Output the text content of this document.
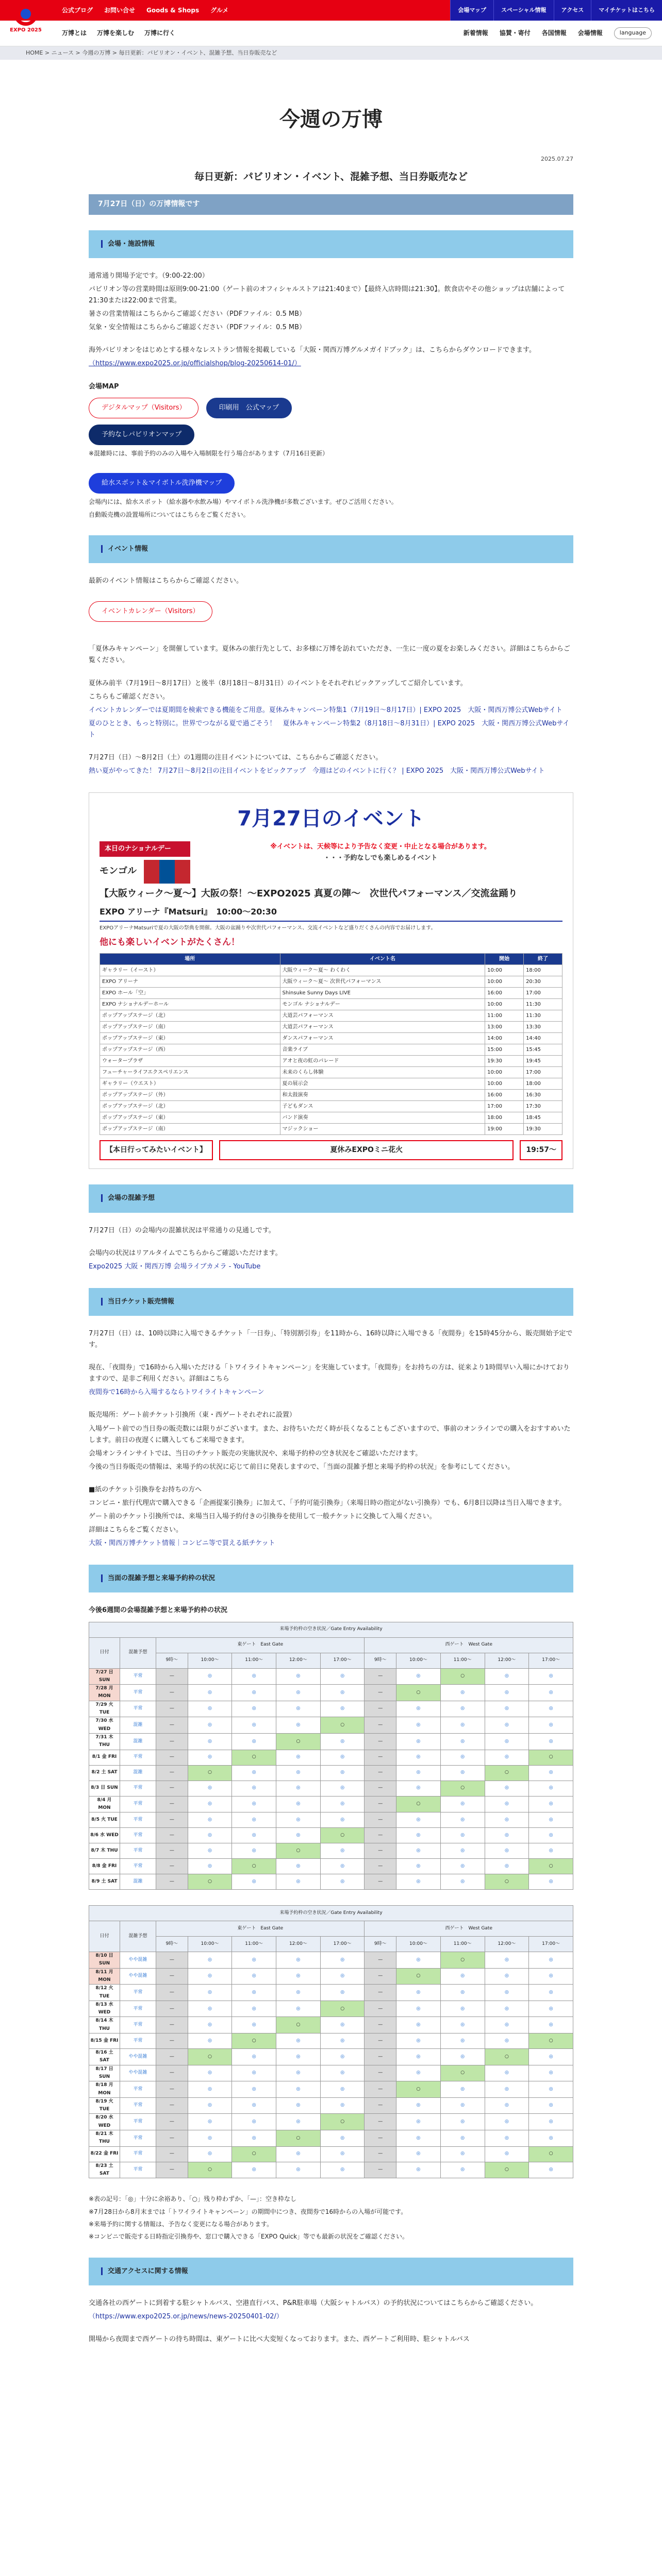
公式ブログ お問い合せ Goods & Shops グルメ	会場マップ	スペーシャル情報	アクセス	マイチケットはこちら
EXPO 2025	万博とは 万博を楽しむ 万博に行く	新着情報 協賛・寄付 各国情報 会場情報	language
HOME > ニュース > 今週の万博 > 毎日更新：パビリオン・イベント、混雑予想、当日券販売など
今週の万博
2025.07.27
毎日更新：パビリオン・イベント、混雑予想、当日券販売など
7月27日（日）の万博情報です
会場・施設情報

通常通り開場予定です。（9:00-22:00）

パビリオン等の営業時間は原則9:00-21:00（ゲート前のオフィシャルストアは21:40まで）【最終入店時間は21:30】。飲食店やその他ショップは店舗によって21:30または22:00まで営業。

暑さの営業情報はこちらからご確認ください（PDFファイル：0.5 MB）

気象・安全情報はこちらからご確認ください（PDFファイル：0.5 MB）

海外パビリオンをはじめとする様々なレストラン情報を掲載している「大阪・関西万博グルメガイドブック」は、こちらからダウンロードできます。

（https://www.expo2025.or.jp/officialshop/blog-20250614-01/）

会場MAP

デジタルマップ（Visitors）	印刷用　公式マップ
予約なしパビリオンマップ

※混雑時には、事前予約のみの入場や入場制限を行う場合があります（7月16日更新）

給水スポット＆マイボトル洗浄機マップ

会場内には、給水スポット（給水器や水飲み場）やマイボトル洗浄機が多数ございます。ぜひご活用ください。

自動販売機の設置場所についてはこちらをご覧ください。

イベント情報

最新のイベント情報はこちらからご確認ください。

イベントカレンダー（Visitors）

「夏休みキャンペーン」を開催しています。夏休みの旅行先として、お多様に万博を訪れていただき、一生に一度の夏をお楽しみください。詳細はこちらからご覧ください。

夏休み前半（7月19日〜8月17日）と後半（8月18日〜8月31日）のイベントをそれぞれピックアップしてご紹介しています。

こちらもご確認ください。

イベントカレンダーでは夏期間を検索できる機能をご用意。夏休みキャンペーン特集1（7月19日〜8月17日）| EXPO 2025　大阪・関西万博公式Webサイト

夏のひととき、もっと特別に。世界でつながる夏で過ごそう！　夏休みキャンペーン特集2（8月18日〜8月31日）| EXPO 2025　大阪・関西万博公式Webサイト

7月27日（日）〜8月2日（土）の1週間の注目イベントについては、こちらからご確認ください。

熱い夏がやってきた！ 7月27日〜8月2日の注目イベントをピックアップ　今週はどのイベントに行く？ | EXPO 2025　大阪・関西万博公式Webサイト

7月27日のイベント
本日のナショナルデー
モンゴル
※イベントは、天候等により予告なく変更・中止となる場合があります。
・・・予約なしでも楽しめるイベント
【大阪ウィーク〜夏〜】大阪の祭！〜EXPO2025 真夏の陣〜　次世代パフォーマンス／交流盆踊り
EXPO アリーナ『Matsuri』　 10:00〜20:30
EXPOアリーナMatsuriで夏の大阪の祭典を開催。大阪の盆踊りや次世代パフォーマンス、交流イベントなど盛りだくさんの内容でお届けします。
他にも楽しいイベントがたくさん！
場所	イベント名	開始	終了
ギャラリー（イースト）	大阪ウィーク〜夏〜 わくわく	10:00	18:00
EXPO アリーナ	大阪ウィーク〜夏〜 次世代パフォーマンス	10:00	20:30
EXPO ホール「空」	Shinsuke Sunny Days LIVE	16:00	17:00
EXPO ナショナルデーホール	モンゴル ナショナルデー	10:00	11:30
ポップアップステージ（北）	大道芸パフォーマンス	11:00	11:30
ポップアップステージ（南）	大道芸パフォーマンス	13:00	13:30
ポップアップステージ（東）	ダンスパフォーマンス	14:00	14:40
ポップアップステージ（西）	音楽ライブ	15:00	15:45
ウォータープラザ	アオと夜の虹のパレード	19:30	19:45
フューチャーライフエクスペリエンス	未来のくらし体験	10:00	17:00
ギャラリー（ウエスト）	夏の展示会	10:00	18:00
ポップアップステージ（外）	和太鼓演奏	16:00	16:30
ポップアップステージ（北）	子どもダンス	17:00	17:30
ポップアップステージ（東）	バンド演奏	18:00	18:45
ポップアップステージ（南）	マジックショー	19:00	19:30
【本日行ってみたいイベント】	夏休みEXPOミニ花火	19:57〜
会場の混雑予想

7月27日（日）の会場内の混雑状況は平常通りの見通しです。

会場内の状況はリアルタイムでこちらからご確認いただけます。

Expo2025 大阪・関西万博 会場ライブカメラ - YouTube

当日チケット販売情報

7月27日（日）は、10時以降に入場できるチケット「一日券」、「特別割引券」を11時から、16時以降に入場できる「夜間券」を15時45分から、販売開始予定です。

現在、「夜間券」で16時から入場いただける「トワイライトキャンペーン」を実施しています。「夜間券」をお持ちの方は、従来より1時間早い入場にかけておりますので、是非ご利用ください。詳細はこちら

夜間券で16時から入場するならトワイライトキャンペーン

販売場所：ゲート前チケット引換所（東・西ゲートそれぞれに設置）

入場ゲート前での当日券の販売数には限りがございます。また、お待ちいただく時が長くなることもございますので、事前のオンラインでの購入をおすすめいたします。前日の夜遅くに購入してもご来場できます。

会場オンラインサイトでは、当日のチケット販売の実施状況や、来場予約枠の空き状況をご確認いただけます。

今後の当日券販売の情報は、来場予約の状況に応じて前日に発表しますので、「当面の混雑予想と来場予約枠の状況」を参考にしてください。

■紙のチケット引換券をお持ちの方へ

コンビニ・旅行代理店で購入できる「企画提案引換券」に加えて、「予約可能引換券」（来場日時の指定がない引換券）でも、6月8日以降は当日入場できます。

ゲート前のチケット引換所では、来場当日入場予約付きの引換券を使用して一般チケットに交換して入場ください。

詳細はこちらをご覧ください。

大阪・関西万博チケット情報｜コンビニ等で買える紙チケット

当面の混雑予想と来場予約枠の状況

今後6週間の会場混雑予想と来場予約枠の状況

来場予約枠の空き状況／Gate Entry Availability											
日付	混雑予想	東ゲート　East Gate					西ゲート　West Gate				
		9時〜	10:00〜	11:00〜	12:00〜	17:00〜	9時〜	10:00〜	11:00〜	12:00〜	17:00〜
7/27 日 SUN	平常	—	◎	◎	◎	◎	—	◎	○	◎	◎
7/28 月 MON	平常	—	◎	◎	◎	◎	—	○	◎	◎	◎
7/29 火 TUE	平常	—	◎	◎	◎	◎	—	◎	◎	◎	◎
7/30 水 WED	混雑	—	◎	◎	◎	○	—	◎	◎	◎	◎
7/31 木 THU	混雑	—	◎	◎	○	◎	—	◎	◎	◎	◎
8/1 金 FRI	平常	—	◎	○	◎	◎	—	◎	◎	◎	○
8/2 土 SAT	混雑	—	○	◎	◎	◎	—	◎	◎	○	◎
8/3 日 SUN	平常	—	◎	◎	◎	◎	—	◎	○	◎	◎
8/4 月 MON	平常	—	◎	◎	◎	◎	—	○	◎	◎	◎
8/5 火 TUE	平常	—	◎	◎	◎	◎	—	◎	◎	◎	◎
8/6 水 WED	平常	—	◎	◎	◎	○	—	◎	◎	◎	◎
8/7 木 THU	平常	—	◎	◎	○	◎	—	◎	◎	◎	◎
8/8 金 FRI	平常	—	◎	○	◎	◎	—	◎	◎	◎	○
8/9 土 SAT	混雑	—	○	◎	◎	◎	—	◎	◎	○	◎
来場予約枠の空き状況／Gate Entry Availability											
日付	混雑予想	東ゲート　East Gate					西ゲート　West Gate				
		9時〜	10:00〜	11:00〜	12:00〜	17:00〜	9時〜	10:00〜	11:00〜	12:00〜	17:00〜
8/10 日 SUN	やや混雑	—	◎	◎	◎	◎	—	◎	○	◎	◎
8/11 月 MON	やや混雑	—	◎	◎	◎	◎	—	○	◎	◎	◎
8/12 火 TUE	平常	—	◎	◎	◎	◎	—	◎	◎	◎	◎
8/13 水 WED	平常	—	◎	◎	◎	○	—	◎	◎	◎	◎
8/14 木 THU	平常	—	◎	◎	○	◎	—	◎	◎	◎	◎
8/15 金 FRI	平常	—	◎	○	◎	◎	—	◎	◎	◎	○
8/16 土 SAT	やや混雑	—	○	◎	◎	◎	—	◎	◎	○	◎
8/17 日 SUN	やや混雑	—	◎	◎	◎	◎	—	◎	○	◎	◎
8/18 月 MON	平常	—	◎	◎	◎	◎	—	○	◎	◎	◎
8/19 火 TUE	平常	—	◎	◎	◎	◎	—	◎	◎	◎	◎
8/20 水 WED	平常	—	◎	◎	◎	○	—	◎	◎	◎	◎
8/21 木 THU	平常	—	◎	◎	○	◎	—	◎	◎	◎	◎
8/22 金 FRI	平常	—	◎	○	◎	◎	—	◎	◎	◎	○
8/23 土 SAT	平常	—	○	◎	◎	◎	—	◎	◎	○	◎

※表の記号：「◎」十分に余裕あり、「○」残り枠わずか、「—」：空き枠なし

※7月28日から8月末までは「トワイライトキャンペーン」の期間中につき、夜間券で16時からの入場が可能です。

※来場予約に関する情報は、予告なく変更になる場合があります。

※コンビニで販売する日時指定引換券や、窓口で購入できる「EXPO Quick」等でも最新の状況をご確認ください。

交通アクセスに関する情報

交通各社の西ゲートに到着する駐シャトルバス、空港直行バス、P&R駐車場（大阪シャトルバス）の予約状況についてはこちらからご確認ください。

（https://www.expo2025.or.jp/news/news-20250401-02/）

開場から夜間まで西ゲートの待ち時間は、東ゲートに比べ大変短くなっております。また、西ゲートご利用時、駐シャトルバス
